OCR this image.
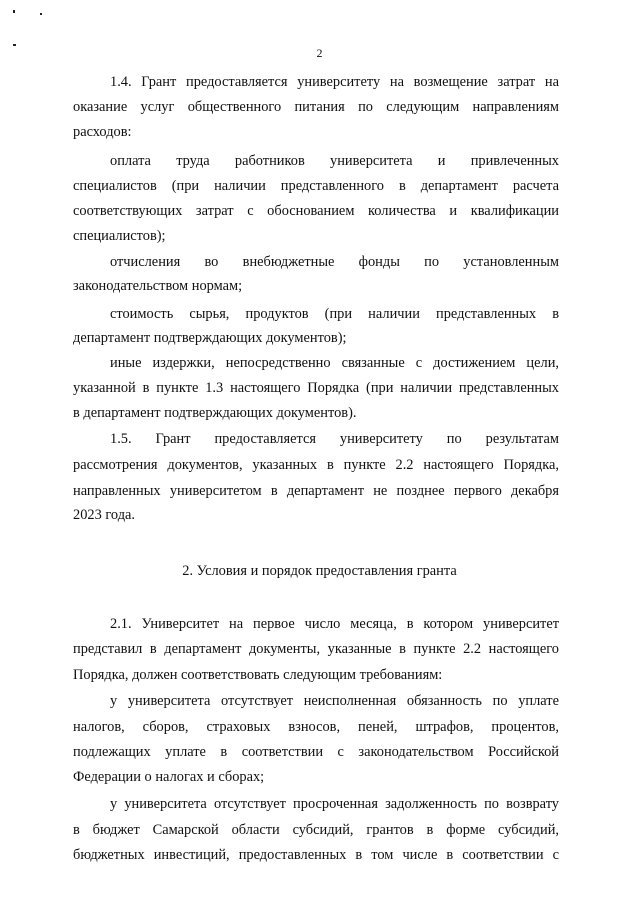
2
1.4. Грант предоставляется университету на возмещение затрат на
оказание услуг общественного питания по следующим направлениям
расходов:
оплата труда работников университета и привлеченных
специалистов (при наличии представленного в департамент расчета
соответствующих затрат с обоснованием количества и квалификации
специалистов);
отчисления во внебюджетные фонды по установленным
законодательством нормам;
стоимость сырья, продуктов (при наличии представленных в
департамент подтверждающих документов);
иные издержки, непосредственно связанные с достижением цели,
указанной в пункте 1.3 настоящего Порядка (при наличии представленных
в департамент подтверждающих документов).
1.5. Грант предоставляется университету по результатам
рассмотрения документов, указанных в пункте 2.2 настоящего Порядка,
направленных университетом в департамент не позднее первого декабря
2023 года.
2. Условия и порядок предоставления гранта
2.1. Университет на первое число месяца, в котором университет
представил в департамент документы, указанные в пункте 2.2 настоящего
Порядка, должен соответствовать следующим требованиям:
у университета отсутствует неисполненная обязанность по уплате
налогов, сборов, страховых взносов, пеней, штрафов, процентов,
подлежащих уплате в соответствии с законодательством Российской
Федерации о налогах и сборах;
у университета отсутствует просроченная задолженность по возврату
в бюджет Самарской области субсидий, грантов в форме субсидий,
бюджетных инвестиций, предоставленных в том числе в соответствии с
